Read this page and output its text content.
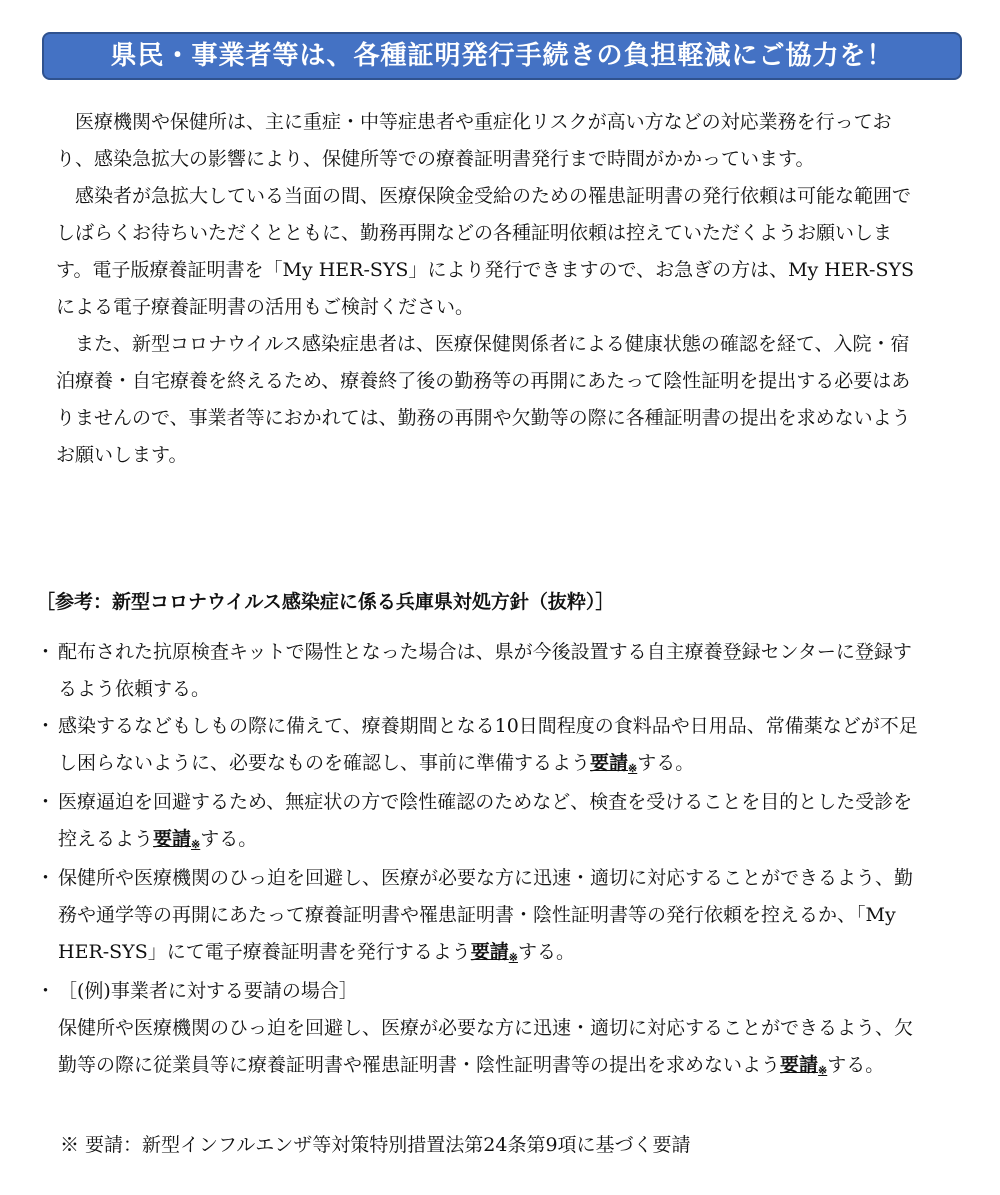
県民・事業者等は、各種証明発行手続きの負担軽減にご協力を！

医療機関や保健所は、主に重症・中等症患者や重症化リスクが高い方などの対応業務を行っており、感染急拡大の影響により、保健所等での療養証明書発行まで時間がかかっています。

感染者が急拡大している当面の間、医療保険金受給のための罹患証明書の発行依頼は可能な範囲でしばらくお待ちいただくとともに、勤務再開などの各種証明依頼は控えていただくようお願いします。電子版療養証明書を「My HER-SYS」により発行できますので、お急ぎの方は、My HER-SYSによる電子療養証明書の活用もご検討ください。

また、新型コロナウイルス感染症患者は、医療保健関係者による健康状態の確認を経て、入院・宿泊療養・自宅療養を終えるため、療養終了後の勤務等の再開にあたって陰性証明を提出する必要はありませんので、事業者等におかれては、勤務の再開や欠勤等の際に各種証明書の提出を求めないようお願いします。

［参考：新型コロナウイルス感染症に係る兵庫県対処方針（抜粋）］
・ 配布された抗原検査キットで陽性となった場合は、県が今後設置する自主療養登録センターに登録するよう依頼する。
・ 感染するなどもしもの際に備えて、療養期間となる10日間程度の食料品や日用品、常備薬などが不足し困らないように、必要なものを確認し、事前に準備するよう要請※する。
・ 医療逼迫を回避するため、無症状の方で陰性確認のためなど、検査を受けることを目的とした受診を控えるよう要請※する。
・ 保健所や医療機関のひっ迫を回避し、医療が必要な方に迅速・適切に対応することができるよう、勤務や通学等の再開にあたって療養証明書や罹患証明書・陰性証明書等の発行依頼を控えるか、「My HER-SYS」にて電子療養証明書を発行するよう要請※する。
・ ［(例)事業者に対する要請の場合］
保健所や医療機関のひっ迫を回避し、医療が必要な方に迅速・適切に対応することができるよう、欠勤等の際に従業員等に療養証明書や罹患証明書・陰性証明書等の提出を求めないよう要請※する。
※ 要請：新型インフルエンザ等対策特別措置法第24条第9項に基づく要請
